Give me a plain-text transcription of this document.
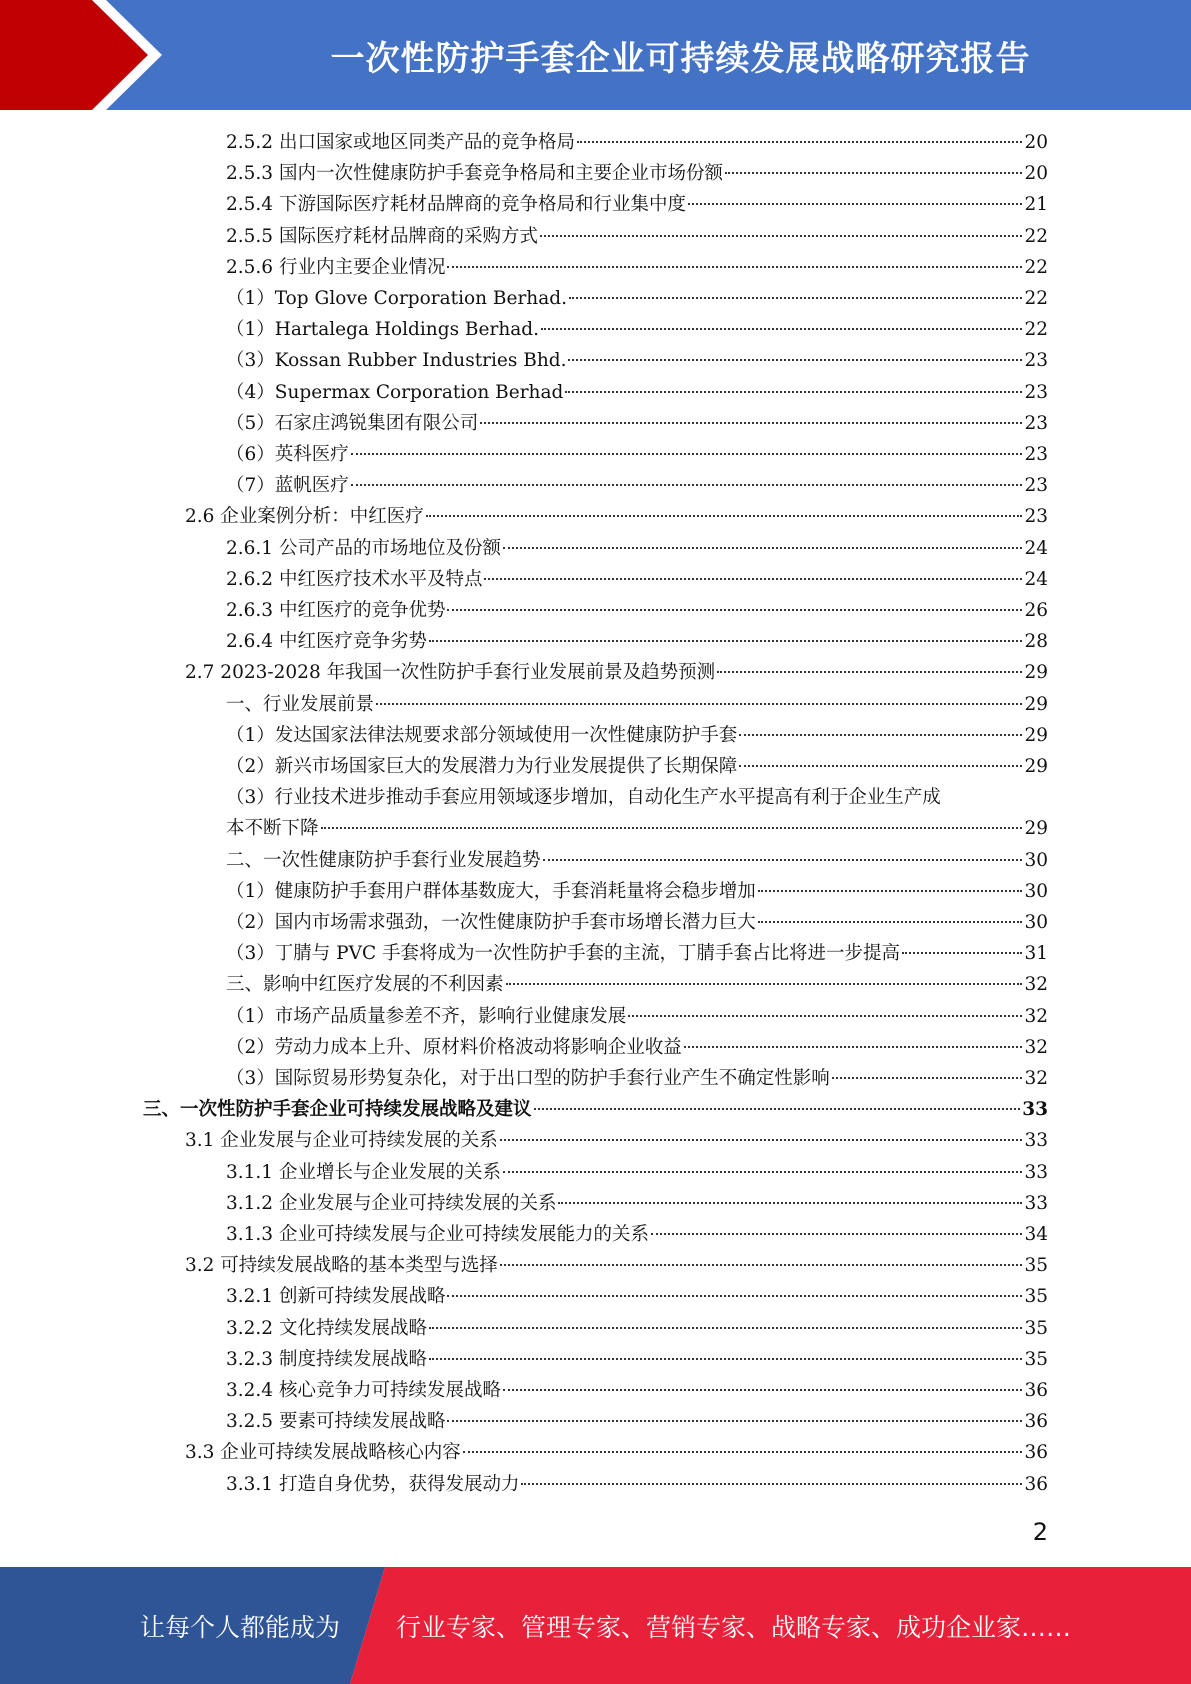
一次性防护手套企业可持续发展战略研究报告
2.5.2 出口国家或地区同类产品的竞争格局	20
2.5.3 国内一次性健康防护手套竞争格局和主要企业市场份额	20
2.5.4 下游国际医疗耗材品牌商的竞争格局和行业集中度	21
2.5.5 国际医疗耗材品牌商的采购方式	22
2.5.6 行业内主要企业情况	22
（1）Top Glove Corporation Berhad.	22
（1）Hartalega Holdings Berhad.	22
（3）Kossan Rubber Industries Bhd.	23
（4）Supermax Corporation Berhad	23
（5）石家庄鸿锐集团有限公司	23
（6）英科医疗	23
（7）蓝帆医疗	23
2.6 企业案例分析：中红医疗	23
2.6.1 公司产品的市场地位及份额	24
2.6.2 中红医疗技术水平及特点	24
2.6.3 中红医疗的竞争优势	26
2.6.4 中红医疗竞争劣势	28
2.7 2023-2028 年我国一次性防护手套行业发展前景及趋势预测	29
一、行业发展前景	29
（1）发达国家法律法规要求部分领域使用一次性健康防护手套	29
（2）新兴市场国家巨大的发展潜力为行业发展提供了长期保障	29
（3）行业技术进步推动手套应用领域逐步增加，自动化生产水平提高有利于企业生产成
本不断下降	29
二、一次性健康防护手套行业发展趋势	30
（1）健康防护手套用户群体基数庞大，手套消耗量将会稳步增加	30
（2）国内市场需求强劲，一次性健康防护手套市场增长潜力巨大	30
（3）丁腈与 PVC 手套将成为一次性防护手套的主流，丁腈手套占比将进一步提高	31
三、影响中红医疗发展的不利因素	32
（1）市场产品质量参差不齐，影响行业健康发展	32
（2）劳动力成本上升、原材料价格波动将影响企业收益	32
（3）国际贸易形势复杂化，对于出口型的防护手套行业产生不确定性影响	32
三、一次性防护手套企业可持续发展战略及建议	33
3.1 企业发展与企业可持续发展的关系	33
3.1.1 企业增长与企业发展的关系	33
3.1.2 企业发展与企业可持续发展的关系	33
3.1.3 企业可持续发展与企业可持续发展能力的关系	34
3.2 可持续发展战略的基本类型与选择	35
3.2.1 创新可持续发展战略	35
3.2.2 文化持续发展战略	35
3.2.3 制度持续发展战略	35
3.2.4 核心竞争力可持续发展战略	36
3.2.5 要素可持续发展战略	36
3.3 企业可持续发展战略核心内容	36
3.3.1 打造自身优势，获得发展动力	36
2
让每个人都能成为 行业专家、管理专家、营销专家、战略专家、成功企业家……
